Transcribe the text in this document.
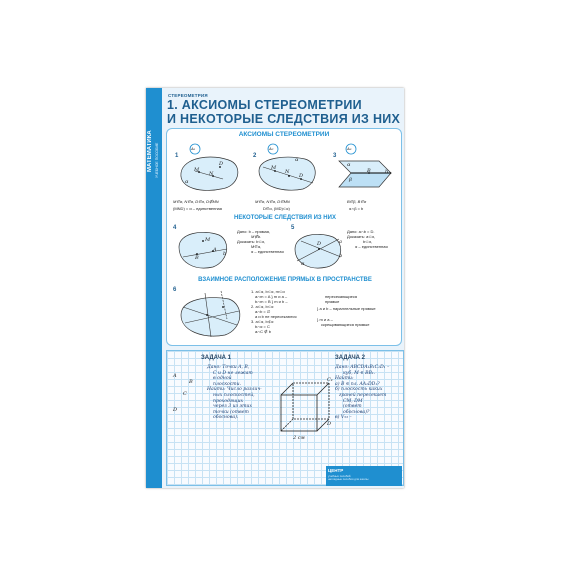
МАТЕМАТИКА УЧЕБНОЕ ПОСОБИЕ
СТЕРЕОМЕТРИЯ
1. АКСИОМЫ СТЕРЕОМЕТРИИ
И НЕКОТОРЫЕ СЛЕДСТВИЯ ИЗ НИХ
АКСИОМЫ СТЕРЕОМЕТРИИ
1
A₁
M
N
D
α
M∈α, N∈α, D∈α, D∉MN
(MND) = α – единственная
2
A₂
M
N
D
α
M∈α, N∈α, D∈MN
D∈α, (MD)⊂α)
3
A₃
B
α
β
b
B∈β, B∈α
α∩β = b
НЕКОТОРЫЕ СЛЕДСТВИЯ ИЗ НИХ
4
M
B
A
b
Дано: b – прямая,
M∉b.
Доказать: b⊂α,
M∈α,
α – единственная
5
a
b
D
α
Дано: a∩b = D.
Доказать: a⊂α,
b⊂α,
α – единственная
ВЗАИМНОЕ РАСПОЛОЖЕНИЕ ПРЯМЫХ В ПРОСТРАНСТВЕ
6	1. a⊂α, b⊂α, m⊂α
a∩m = A } m и a –
b∩m = B } m и b –
2. a⊂α, b⊂α
a∩b = ∅
a и b не пересекаются
3. a⊂α, b⊄α
b∩α = C
a∩C ∉ b
пересекающиеся
прямые
} a и b – параллельные прямые
} m и a –
скрещивающиеся прямые
ЗАДАЧА 1
A
B
C
D
Дано: Точки A, B,
C и D не лежат
в одной
плоскости.
Найти: Число различ-
ных плоскостей,
проходящих
через 3 из этих
точки (ответ
обоснова).
C₁
D
2 см
ЗАДАЧА 2
Дано: ABCDA₁B₁C₁D₁ –
куб, M ∈ BB₁.
Найти:
а) B ∈ пл. AA₁DD₁?
б) плоскость каких
граней пересекает
CM, DM
(ответ
обоснова)?
в) V₅₃ –
ЦЕНТР
учебных пособий
наглядные пособия для школы
